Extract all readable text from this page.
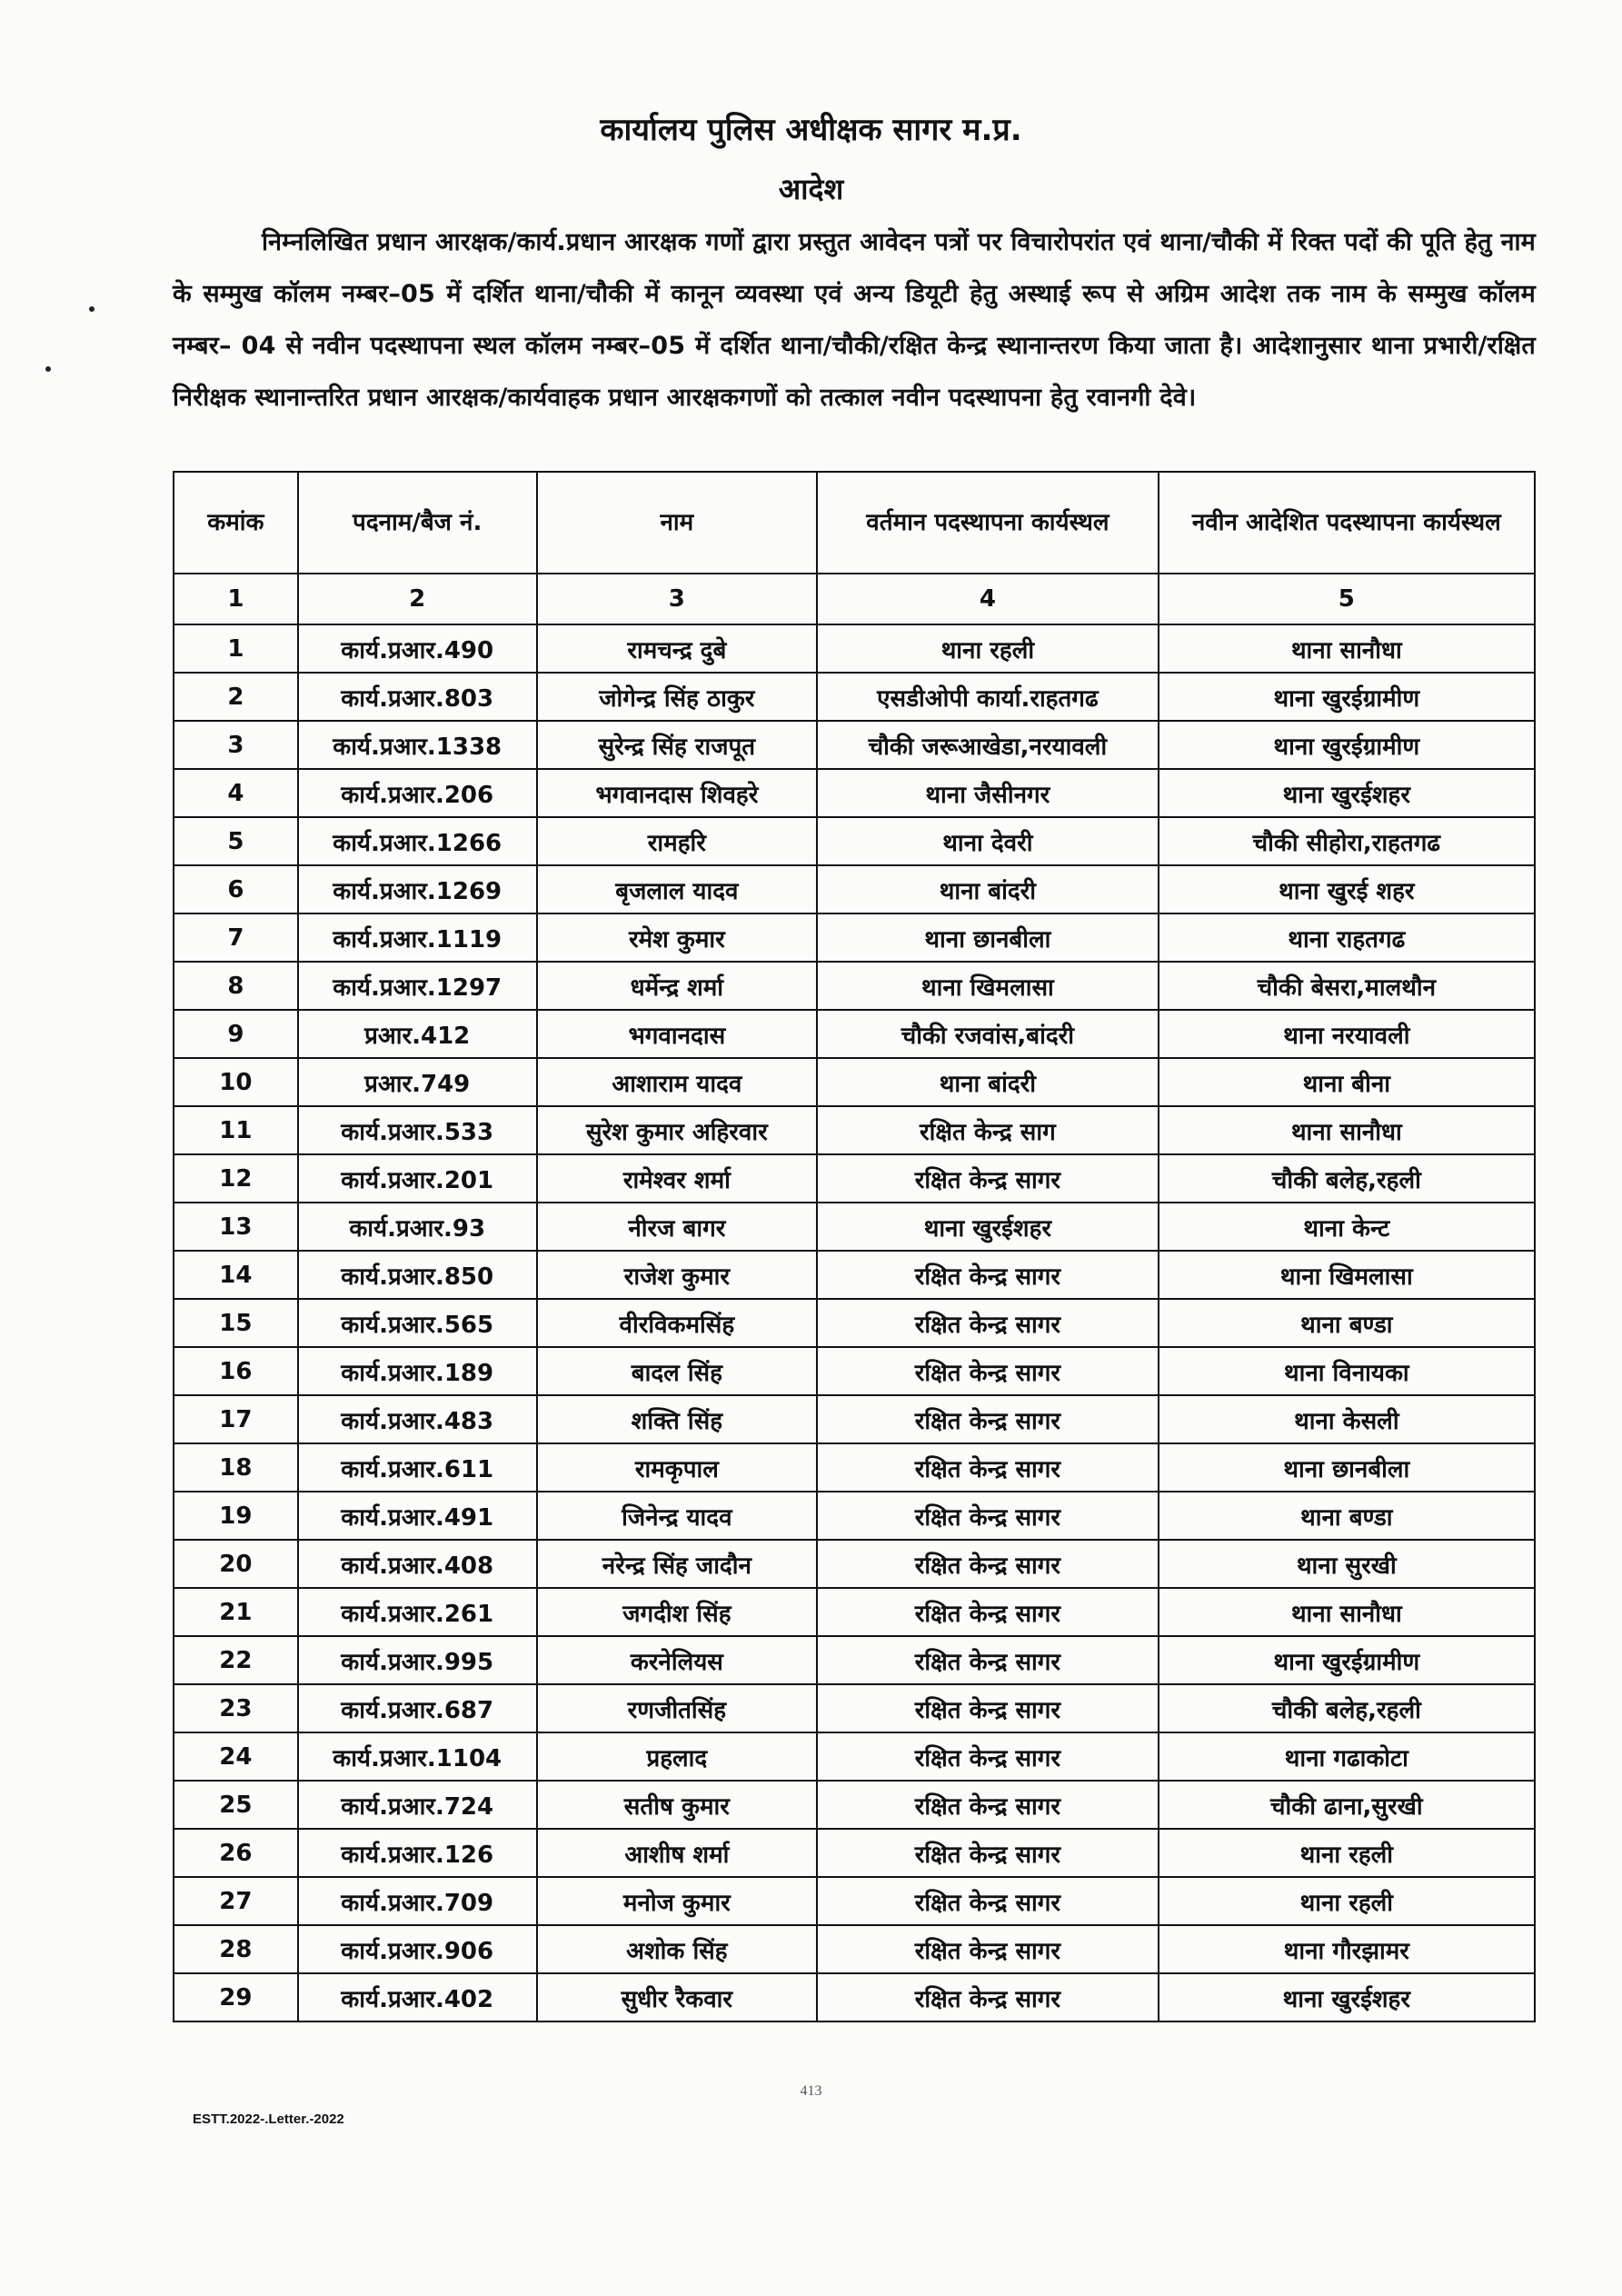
कार्यालय पुलिस अधीक्षक सागर म.प्र.
आदेश
निम्नलिखित प्रधान आरक्षक/कार्य.प्रधान आरक्षक गणों द्वारा प्रस्तुत आवेदन पत्रों पर विचारोपरांत एवं थाना/चौकी में रिक्त पदों की पूति हेतु नाम के सम्मुख कॉलम नम्बर–05 में दर्शित थाना/चौकी में कानून व्यवस्था एवं अन्य डियूटी हेतु अस्थाई रूप से अग्रिम आदेश तक नाम के सम्मुख कॉलम नम्बर– 04 से नवीन पदस्थापना स्थल कॉलम नम्बर–05 में दर्शित थाना/चौकी/रक्षित केन्द्र स्थानान्तरण किया जाता है। आदेशानुसार थाना प्रभारी/रक्षित निरीक्षक स्थानान्तरित प्रधान आरक्षक/कार्यवाहक प्रधान आरक्षकगणों को तत्काल नवीन पदस्थापना हेतु रवानगी देवे।
कमांक	पदनाम/बैज नं.	नाम	वर्तमान पदस्थापना कार्यस्थल	नवीन आदेशित पदस्थापना कार्यस्थल
1	2	3	4	5
1	कार्य.प्रआर.490	रामचन्द्र दुबे	थाना रहली	थाना सानौधा
2	कार्य.प्रआर.803	जोगेन्द्र सिंह ठाकुर	एसडीओपी कार्या.राहतगढ	थाना खुरईग्रामीण
3	कार्य.प्रआर.1338	सुरेन्द्र सिंह राजपूत	चौकी जरूआखेडा,नरयावली	थाना खुरईग्रामीण
4	कार्य.प्रआर.206	भगवानदास शिवहरे	थाना जैसीनगर	थाना खुरईशहर
5	कार्य.प्रआर.1266	रामहरि	थाना देवरी	चौकी सीहोरा,राहतगढ
6	कार्य.प्रआर.1269	बृजलाल यादव	थाना बांदरी	थाना खुरई शहर
7	कार्य.प्रआर.1119	रमेश कुमार	थाना छानबीला	थाना राहतगढ
8	कार्य.प्रआर.1297	धर्मेन्द्र शर्मा	थाना खिमलासा	चौकी बेसरा,मालथौन
9	प्रआर.412	भगवानदास	चौकी रजवांस,बांदरी	थाना नरयावली
10	प्रआर.749	आशाराम यादव	थाना बांदरी	थाना बीना
11	कार्य.प्रआर.533	सुरेश कुमार अहिरवार	रक्षित केन्द्र साग	थाना सानौधा
12	कार्य.प्रआर.201	रामेश्वर शर्मा	रक्षित केन्द्र सागर	चौकी बलेह,रहली
13	कार्य.प्रआर.93	नीरज बागर	थाना खुरईशहर	थाना केन्ट
14	कार्य.प्रआर.850	राजेश कुमार	रक्षित केन्द्र सागर	थाना खिमलासा
15	कार्य.प्रआर.565	वीरविकमसिंह	रक्षित केन्द्र सागर	थाना बण्डा
16	कार्य.प्रआर.189	बादल सिंह	रक्षित केन्द्र सागर	थाना विनायका
17	कार्य.प्रआर.483	शक्ति सिंह	रक्षित केन्द्र सागर	थाना केसली
18	कार्य.प्रआर.611	रामकृपाल	रक्षित केन्द्र सागर	थाना छानबीला
19	कार्य.प्रआर.491	जिनेन्द्र यादव	रक्षित केन्द्र सागर	थाना बण्डा
20	कार्य.प्रआर.408	नरेन्द्र सिंह जादौन	रक्षित केन्द्र सागर	थाना सुरखी
21	कार्य.प्रआर.261	जगदीश सिंह	रक्षित केन्द्र सागर	थाना सानौधा
22	कार्य.प्रआर.995	करनेलियस	रक्षित केन्द्र सागर	थाना खुरईग्रामीण
23	कार्य.प्रआर.687	रणजीतसिंह	रक्षित केन्द्र सागर	चौकी बलेह,रहली
24	कार्य.प्रआर.1104	प्रहलाद	रक्षित केन्द्र सागर	थाना गढाकोटा
25	कार्य.प्रआर.724	सतीष कुमार	रक्षित केन्द्र सागर	चौकी ढाना,सुरखी
26	कार्य.प्रआर.126	आशीष शर्मा	रक्षित केन्द्र सागर	थाना रहली
27	कार्य.प्रआर.709	मनोज कुमार	रक्षित केन्द्र सागर	थाना रहली
28	कार्य.प्रआर.906	अशोक सिंह	रक्षित केन्द्र सागर	थाना गौरझामर
29	कार्य.प्रआर.402	सुधीर रैकवार	रक्षित केन्द्र सागर	थाना खुरईशहर
413
ESTT.2022-.Letter.-2022
